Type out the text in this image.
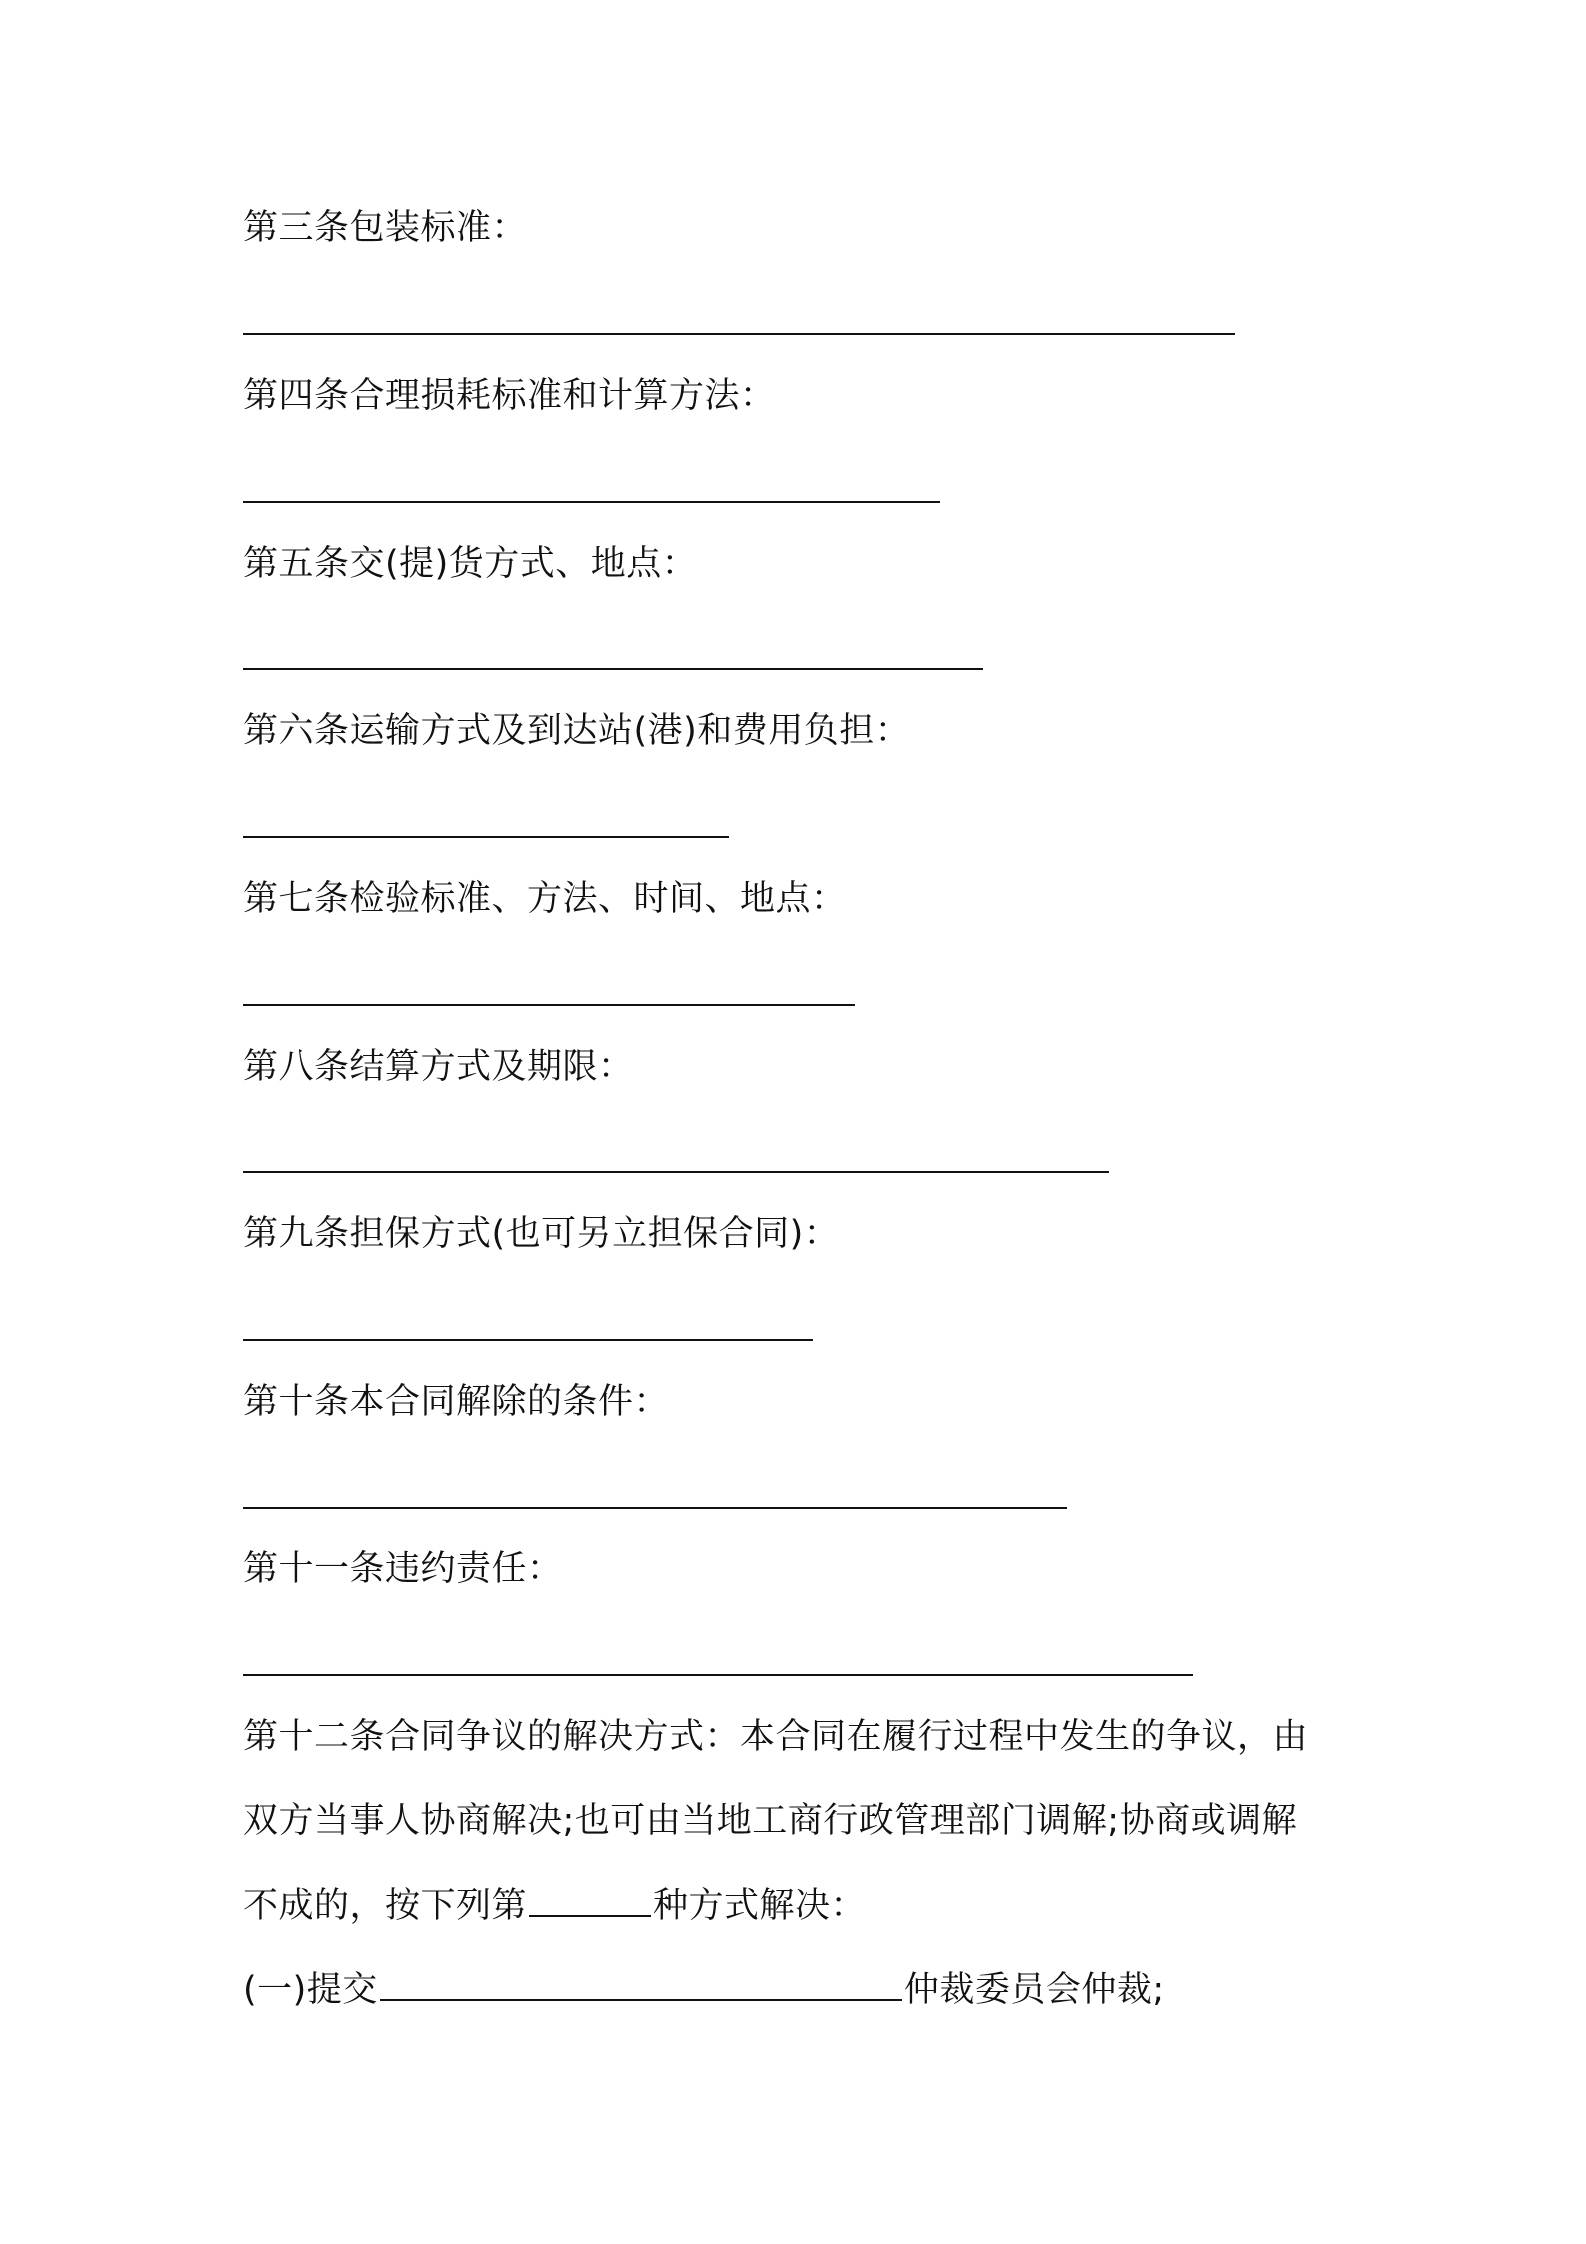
第三条包装标准：
第四条合理损耗标准和计算方法：
第五条交(提)货方式、地点：
第六条运输方式及到达站(港)和费用负担：
第七条检验标准、方法、时间、地点：
第八条结算方式及期限：
第九条担保方式(也可另立担保合同)：
第十条本合同解除的条件：
第十一条违约责任：
第十二条合同争议的解决方式：本合同在履行过程中发生的争议，由
双方当事人协商解决;也可由当地工商行政管理部门调解;协商或调解
不成的，按下列第	种方式解决：
(一)提交	仲裁委员会仲裁;
